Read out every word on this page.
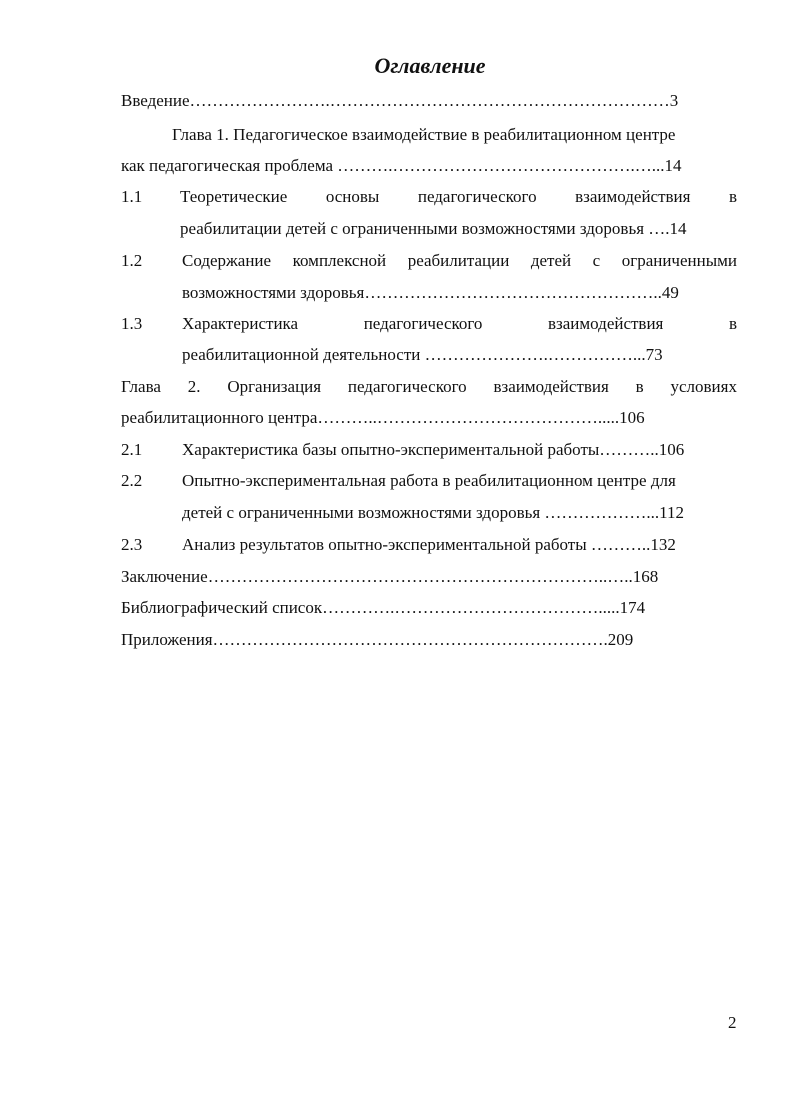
Оглавление
Введение…………………….……………………………………………………3
Глава 1. Педагогическое взаимодействие в реабилитационном центре
как педагогическая проблема ……….…………………………………….…...14
1.1 Теоретические основы педагогического взаимодействия в
реабилитации детей с ограниченными возможностями здоровья ….14
1.2 Содержание комплексной реабилитации детей с ограниченными
возможностями здоровья……………………………………………..49
1.3 Характеристика	педагогического	взаимодействия	в
реабилитационной деятельности ………………….……………...73
Глава 2. Организация педагогического взаимодействия в условиях
реабилитационного центра………..………………………………….....106
2.1 Характеристика базы опытно-экспериментальной работы………..106
2.2 Опытно-экспериментальная работа в реабилитационном центре для
детей с ограниченными возможностями здоровья ………………...112
2.3 Анализ результатов опытно-экспериментальной работы ………..132
Заключение……………………………………………………………..…..168
Библиографический список………….……………………………….....174
Приложения…………………………………………………………….209
2
